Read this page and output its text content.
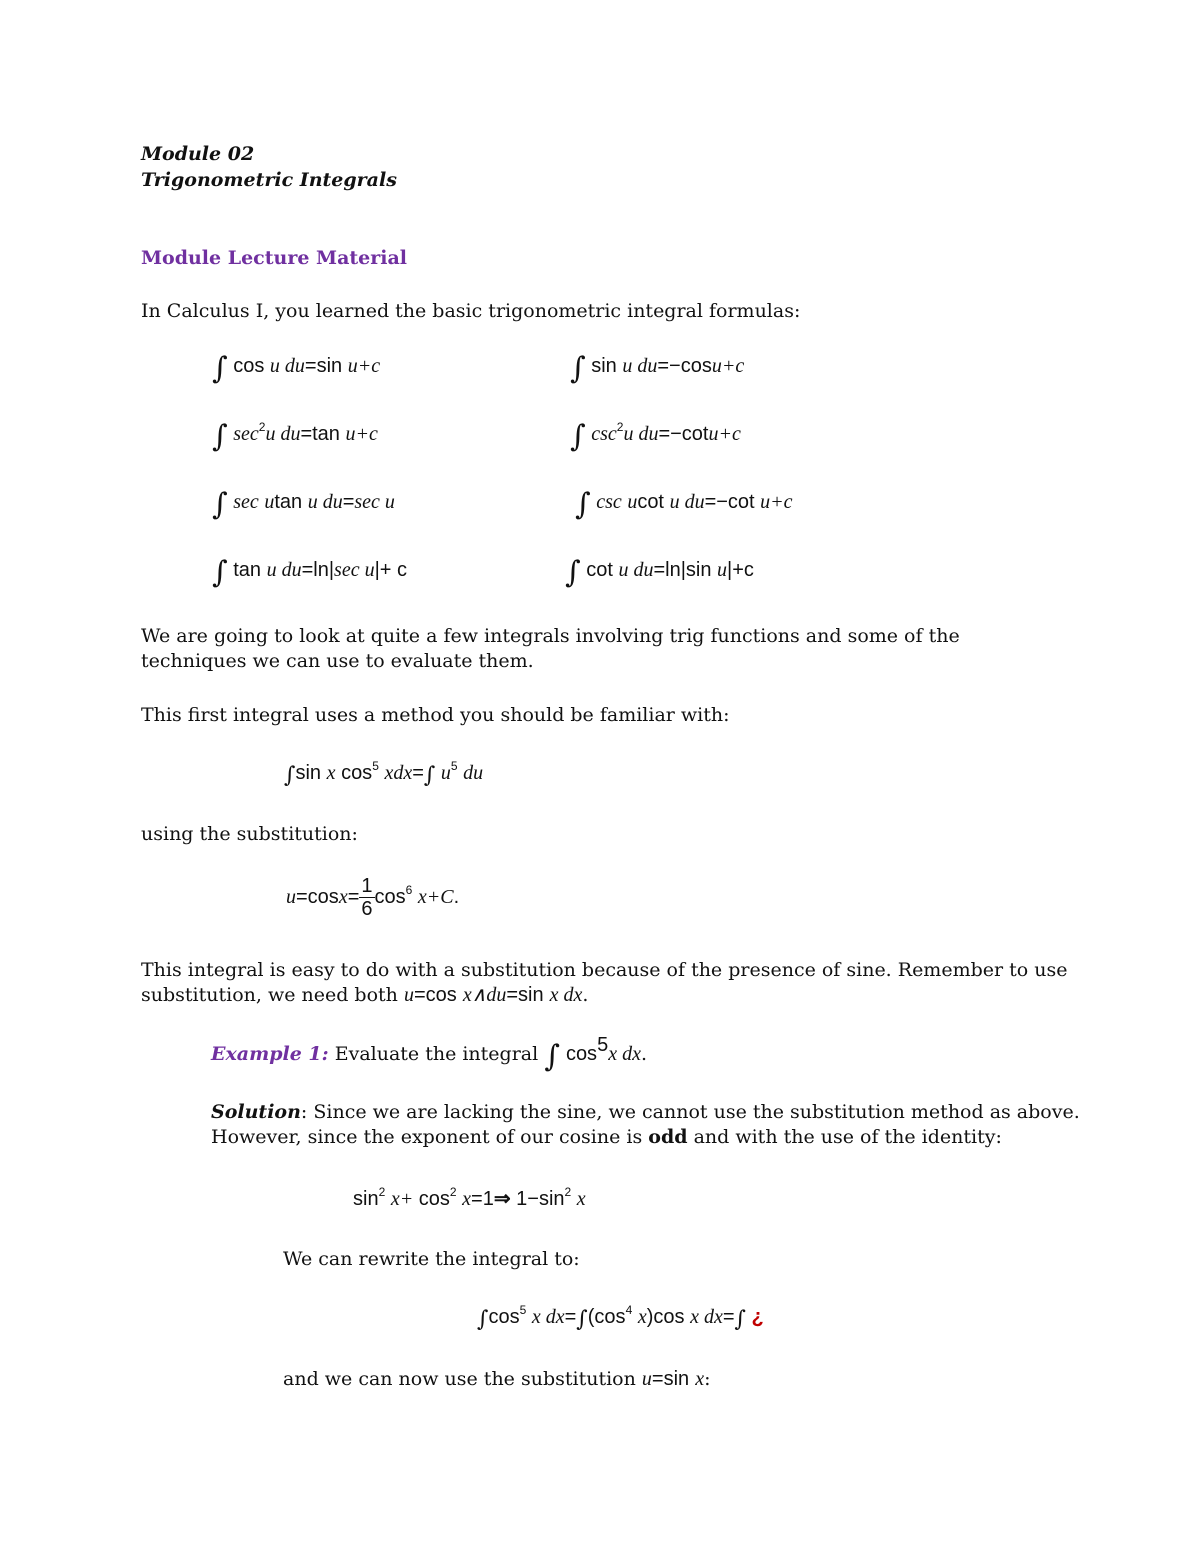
Module 02
Trigonometric Integrals
Module Lecture Material
In Calculus I, you learned the basic trigonometric integral formulas:
∫ cos u du=sin u+c	∫ sin u du=−cosu+c
∫ $\sec^2u$ du=tan u+c	∫ $\csc^2u$ du=−cotu+c
∫ sec utan u du=sec u	∫ csc ucot u du=−cot u+c
∫ tan u du=ln|sec u|+ c	∫ cot u du=ln|sin u|+c
We are going to look at quite a few integrals involving trig functions and some of the techniques we can use to evaluate them.
This first integral uses a method you should be familiar with:
∫sin x $\cos^5 xdx=\int$ $u^5$ du
using the substitution:
$u=\cos x= \frac{1}{6} \cos^6 x+C$.
This integral is easy to do with a substitution because of the presence of sine. Remember to use
substitution, we need both u=cos x∧du=sin x dx.
Example 1: Evaluate the integral ∫ $\cos^5x$ dx.
Solution: Since we are lacking the sine, we cannot use the substitution method as above.
However, since the exponent of our cosine is odd and with the use of the identity:
$\sin^2 x+ \cos^2$ x=1⇒ $1-\sin^2$ x
We can rewrite the integral to:
$\int\cos^5$ x $dx=\int(\cos^4$ x)cos x dx=∫ ¿
and we can now use the substitution u=sin x:
